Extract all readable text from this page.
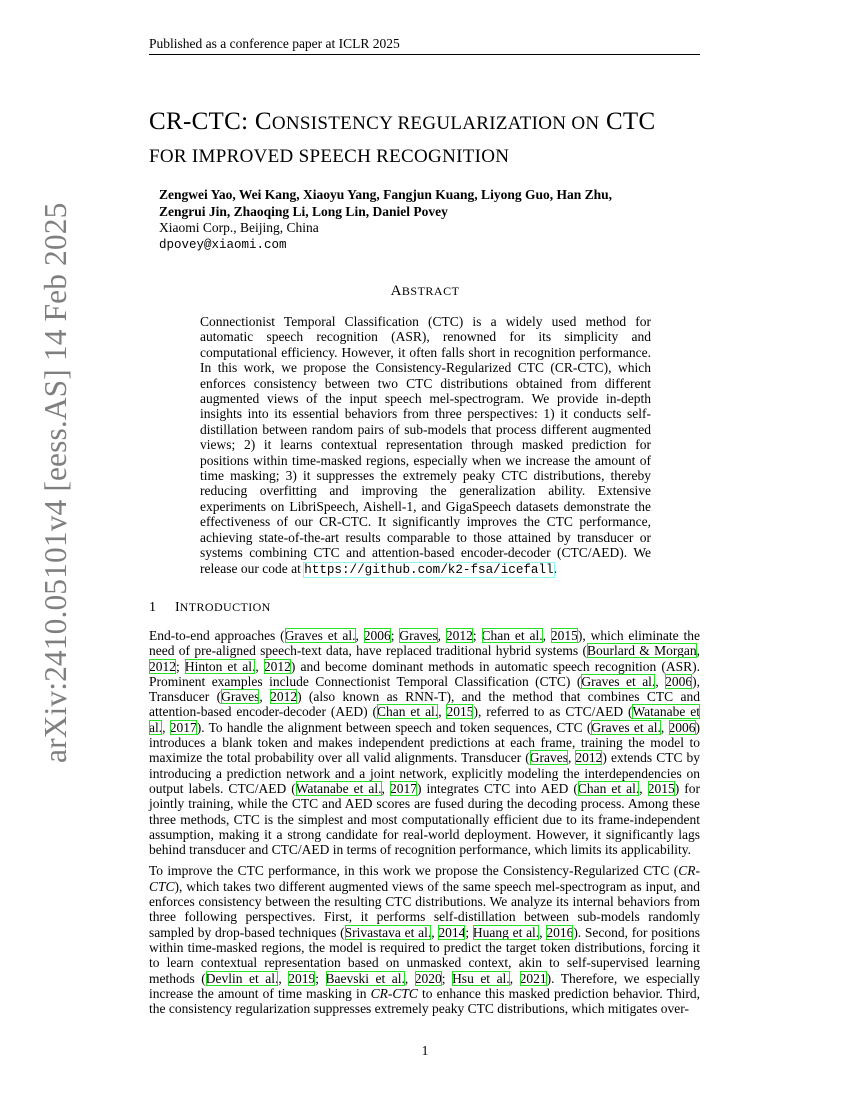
Published as a conference paper at ICLR 2025
arXiv:2410.05101v4 [eess.AS] 14 Feb 2025
CR-CTC: CONSISTENCY REGULARIZATION ON CTC
FOR IMPROVED SPEECH RECOGNITION
Zengwei Yao, Wei Kang, Xiaoyu Yang, Fangjun Kuang, Liyong Guo, Han Zhu,
Zengrui Jin, Zhaoqing Li, Long Lin, Daniel Povey
Xiaomi Corp., Beijing, China
dpovey@xiaomi.com
ABSTRACT
Connectionist Temporal Classification (CTC) is a widely used method for automatic speech recognition (ASR), renowned for its simplicity and computational efficiency. However, it often falls short in recognition performance. In this work, we propose the Consistency-Regularized CTC (CR-CTC), which enforces consistency between two CTC distributions obtained from different augmented views of the input speech mel-spectrogram. We provide in-depth insights into its essential behaviors from three perspectives: 1) it conducts self-distillation between random pairs of sub-models that process different augmented views; 2) it learns contextual representation through masked prediction for positions within time-masked regions, especially when we increase the amount of time masking; 3) it suppresses the extremely peaky CTC distributions, thereby reducing overfitting and improving the generalization ability. Extensive experiments on LibriSpeech, Aishell-1, and GigaSpeech datasets demonstrate the effectiveness of our CR-CTC. It significantly improves the CTC performance, achieving state-of-the-art results comparable to those attained by transducer or systems combining CTC and attention-based encoder-decoder (CTC/AED). We release our code at https://github.com/k2-fsa/icefall.
1 INTRODUCTION

End-to-end approaches (Graves et al., 2006; Graves, 2012; Chan et al., 2015), which eliminate the need of pre-aligned speech-text data, have replaced traditional hybrid systems (Bourlard & Morgan, 2012; Hinton et al., 2012) and become dominant methods in automatic speech recognition (ASR). Prominent examples include Connectionist Temporal Classification (CTC) (Graves et al., 2006), Transducer (Graves, 2012) (also known as RNN-T), and the method that combines CTC and attention-based encoder-decoder (AED) (Chan et al., 2015), referred to as CTC/AED (Watanabe et al., 2017). To handle the alignment between speech and token sequences, CTC (Graves et al., 2006) introduces a blank token and makes independent predictions at each frame, training the model to maximize the total probability over all valid alignments. Transducer (Graves, 2012) extends CTC by introducing a prediction network and a joint network, explicitly modeling the interdependencies on output labels. CTC/AED (Watanabe et al., 2017) integrates CTC into AED (Chan et al., 2015) for jointly training, while the CTC and AED scores are fused during the decoding process. Among these three methods, CTC is the simplest and most computationally efficient due to its frame-independent assumption, making it a strong candidate for real-world deployment. However, it significantly lags behind transducer and CTC/AED in terms of recognition performance, which limits its applicability.

To improve the CTC performance, in this work we propose the Consistency-Regularized CTC (CR-CTC), which takes two different augmented views of the same speech mel-spectrogram as input, and enforces consistency between the resulting CTC distributions. We analyze its internal behaviors from three following perspectives. First, it performs self-distillation between sub-models randomly sampled by drop-based techniques (Srivastava et al., 2014; Huang et al., 2016). Second, for positions within time-masked regions, the model is required to predict the target token distributions, forcing it to learn contextual representation based on unmasked context, akin to self-supervised learning methods (Devlin et al., 2019; Baevski et al., 2020; Hsu et al., 2021). Therefore, we especially increase the amount of time masking in CR-CTC to enhance this masked prediction behavior. Third, the consistency regularization suppresses extremely peaky CTC distributions, which mitigates over-

1
